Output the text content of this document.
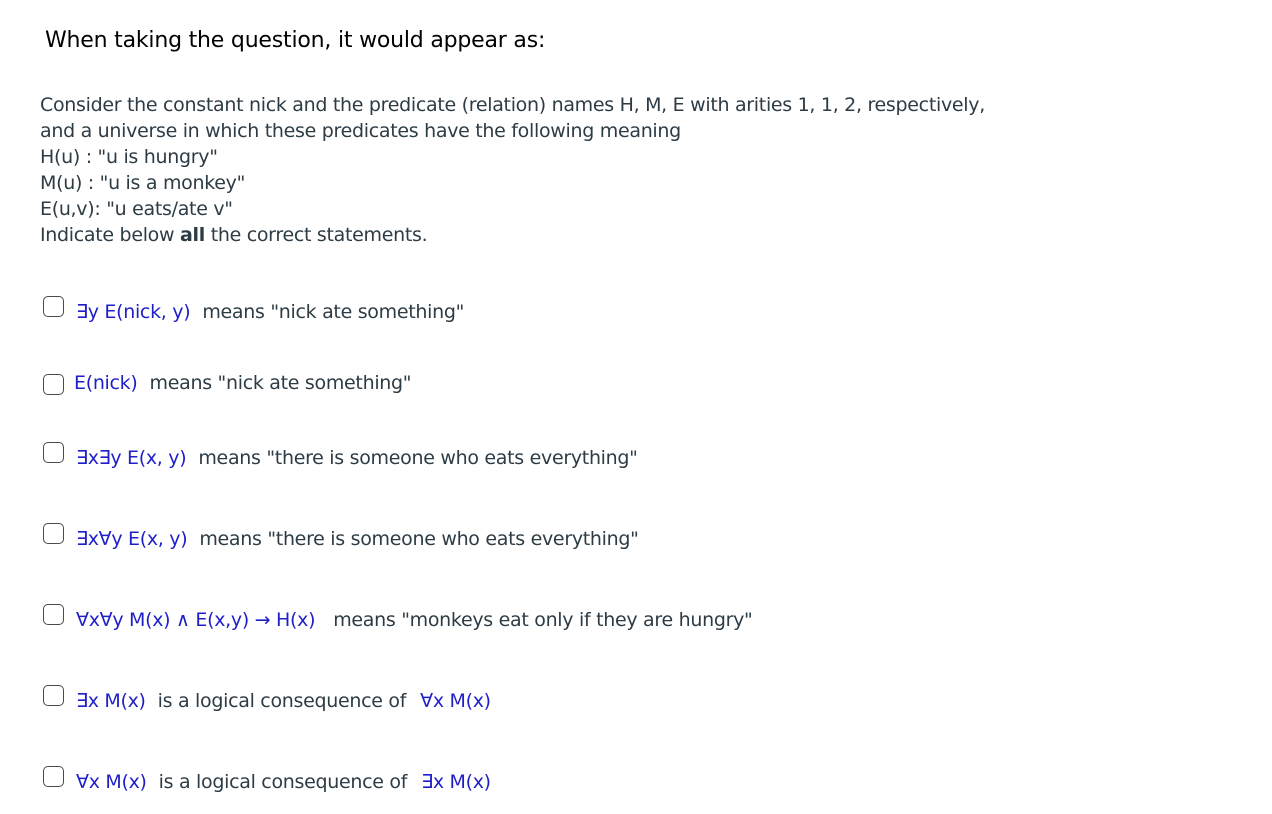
When taking the question, it would appear as:
Consider the constant nick and the predicate (relation) names H, M, E with arities 1, 1, 2, respectively,
and a universe in which these predicates have the following meaning
H(u) : "u is hungry"
M(u) : "u is a monkey"
E(u,v): "u eats/ate v"
Indicate below all the correct statements.
∃y E(nick, y) means "nick ate something"
E(nick) means "nick ate something"
∃x∃y E(x, y) means "there is someone who eats everything"
∃x∀y E(x, y) means "there is someone who eats everything"
∀x∀y M(x) ∧ E(x,y) → H(x) means "monkeys eat only if they are hungry"
∃x M(x) is a logical consequence of ∀x M(x)
∀x M(x) is a logical consequence of ∃x M(x)
